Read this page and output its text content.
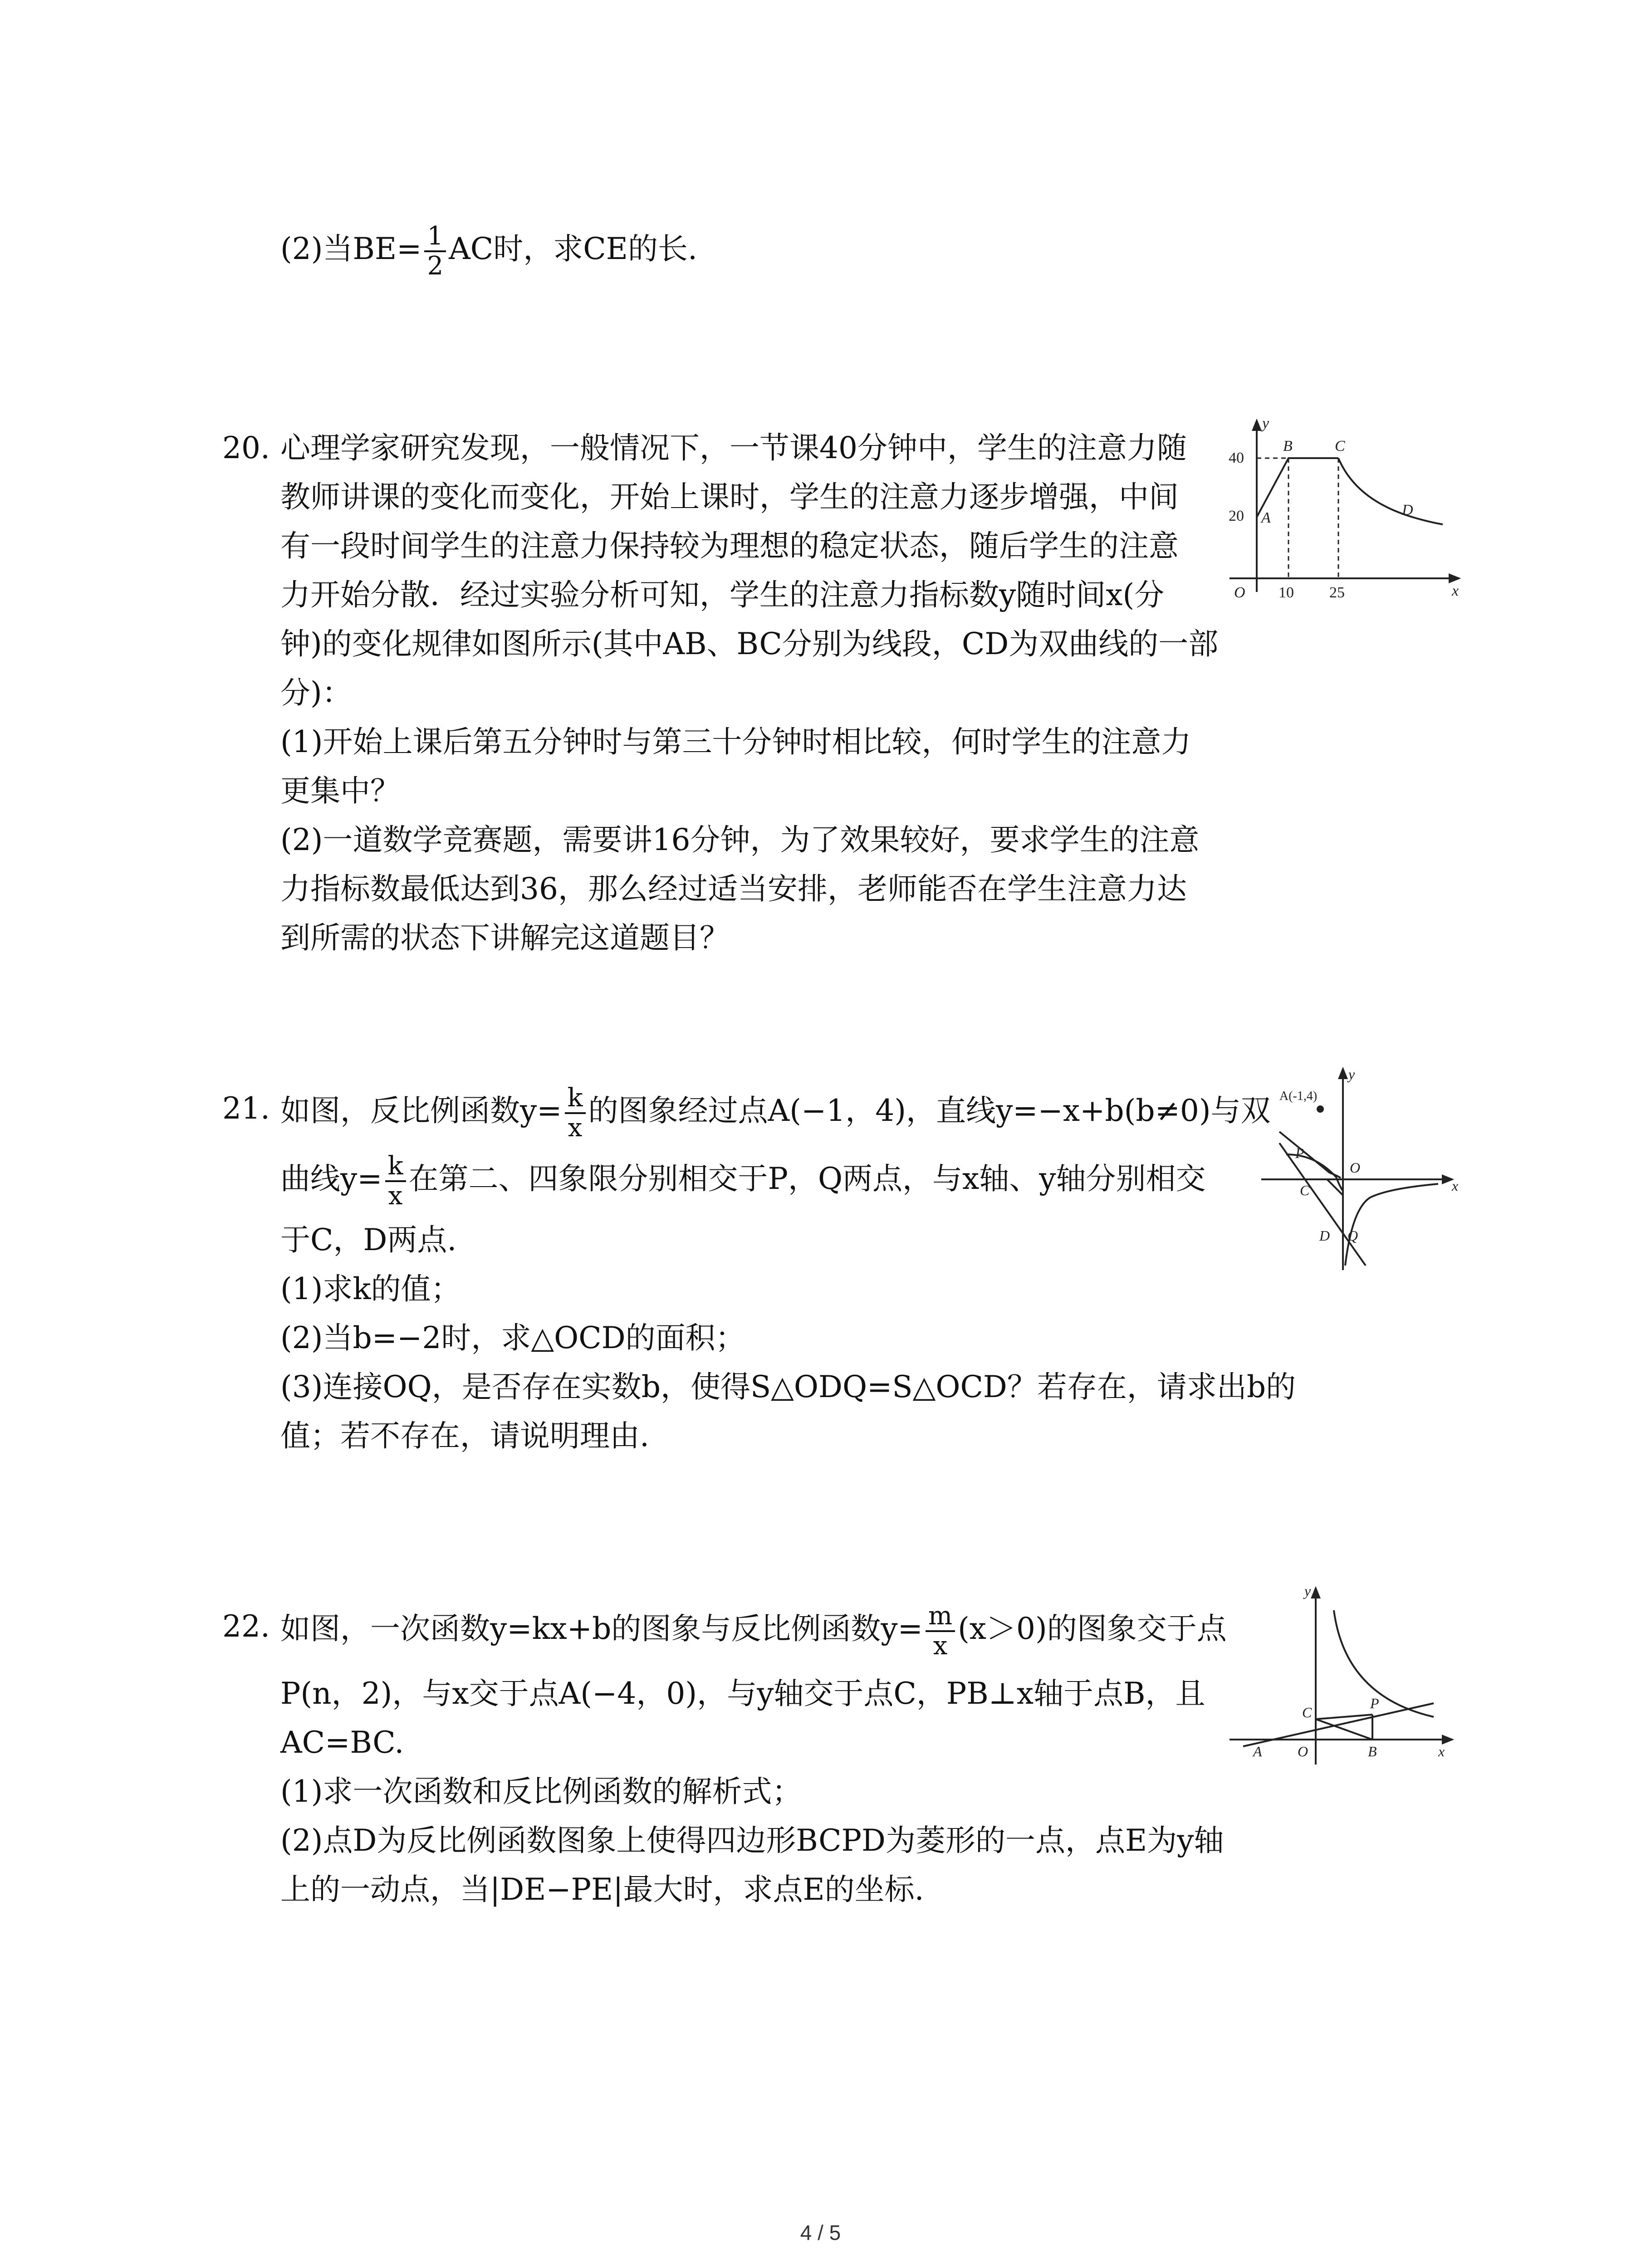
(2)当$BE= \frac{1}{2}$ AC时，求CE的长.
20. 心理学家研究发现，一般情况下，一节课40分钟中，学生的注意力随
教师讲课的变化而变化，开始上课时，学生的注意力逐步增强，中间
有一段时间学生的注意力保持较为理想的稳定状态，随后学生的注意
力开始分散．经过实验分析可知，学生的注意力指标数y随时间x(分
钟)的变化规律如图所示(其中AB、BC分别为线段，CD为双曲线的一部
分)：
(1)开始上课后第五分钟时与第三十分钟时相比较，何时学生的注意力
更集中？
(2)一道数学竞赛题，需要讲16分钟，为了效果较好，要求学生的注意
力指标数最低达到36，那么经过适当安排，老师能否在学生注意力达
到所需的状态下讲解完这道题目？
y
x
O
40
20
10 25
A
B	C
D
21. 如图，反比例函数$y= \frac{k}{x}$ 的图象经过点A(−1，4)，直线y=−x+b(b≠0)与双
曲线$y= \frac{k}{x}$ 在第二、四象限分别相交于P，Q两点，与x轴、y轴分别相交
于C，D两点.
(1)求k的值；
(2)当b=−2时，求△OCD的面积；
(3)连接OQ，是否存在实数b，使得S△ODQ=S△OCD？若存在，请求出b的
值；若不存在，请说明理由.
y
x
O
A(-1,4)
P
C
D Q
22. 如图，一次函数y=kx+b的图象与反比例函数$y= \frac{m}{x} (x>0)$的图象交于点
P(n，2)，与x交于点A(−4，0)，与y轴交于点C，PB⊥x轴于点B，且
AC=BC.
(1)求一次函数和反比例函数的解析式；
(2)点D为反比例函数图象上使得四边形BCPD为菱形的一点，点E为y轴
上的一动点，当|DE−PE|最大时，求点E的坐标.
y
x
O
A	B
C
P
4 / 5
